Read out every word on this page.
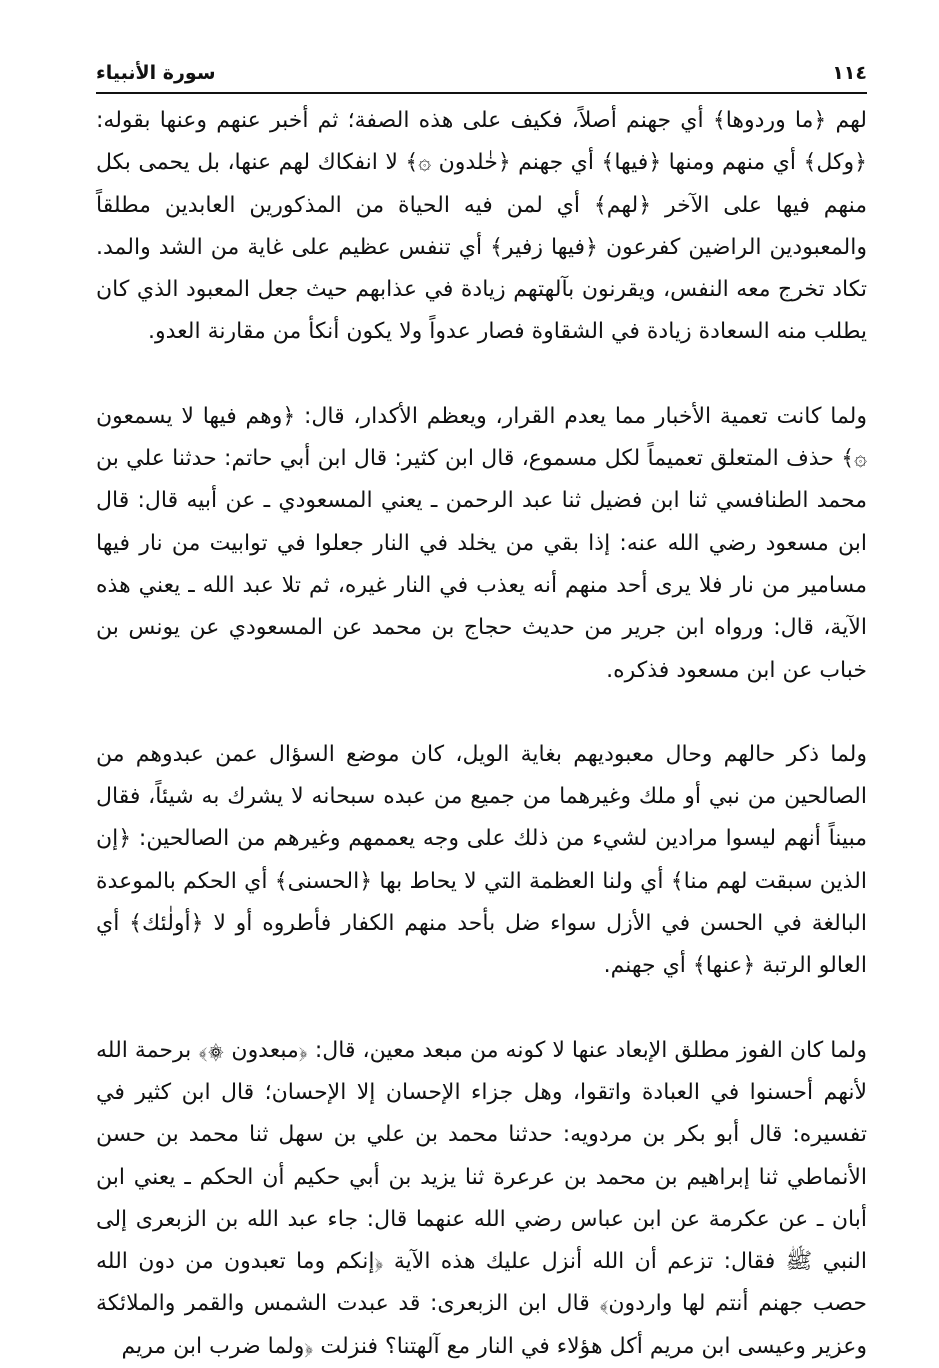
١١٤
سورة الأنبياء

لهم ﴿ما وردوها﴾ أي جهنم أصلاً، فكيف على هذه الصفة؛ ثم أخبر عنهم وعنها بقوله: ﴿وكل﴾ أي منهم ومنها ﴿فيها﴾ أي جهنم ﴿خٰلدون ۞﴾ لا انفكاك لهم عنها، بل يحمى بكل منهم فيها على الآخر ﴿لهم﴾ أي لمن فيه الحياة من المذكورين العابدين مطلقاً والمعبودين الراضين كفرعون ﴿فيها زفير﴾ أي تنفس عظيم على غاية من الشد والمد. تكاد تخرج معه النفس، ويقرنون بآلهتهم زيادة في عذابهم حيث جعل المعبود الذي كان يطلب منه السعادة زيادة في الشقاوة فصار عدواً ولا يكون أنكأ من مقارنة العدو.

ولما كانت تعمية الأخبار مما يعدم القرار، ويعظم الأكدار، قال: ﴿وهم فيها لا يسمعون ۞﴾ حذف المتعلق تعميماً لكل مسموع، قال ابن كثير: قال ابن أبي حاتم: حدثنا علي بن محمد الطنافسي ثنا ابن فضيل ثنا عبد الرحمن ـ يعني المسعودي ـ عن أبيه قال: قال ابن مسعود رضي الله عنه: إذا بقي من يخلد في النار جعلوا في توابيت من نار فيها مسامير من نار فلا يرى أحد منهم أنه يعذب في النار غيره، ثم تلا عبد الله ـ يعني هذه الآية، قال: ورواه ابن جرير من حديث حجاج بن محمد عن المسعودي عن يونس بن خباب عن ابن مسعود فذكره.

ولما ذكر حالهم وحال معبوديهم بغاية الويل، كان موضع السؤال عمن عبدوهم من الصالحين من نبي أو ملك وغيرهما من جميع من عبده سبحانه لا يشرك به شيئاً، فقال مبيناً أنهم ليسوا مرادين لشيء من ذلك على وجه يعممهم وغيرهم من الصالحين: ﴿إن الذين سبقت لهم منا﴾ أي ولنا العظمة التي لا يحاط بها ﴿الحسنى﴾ أي الحكم بالموعدة البالغة في الحسن في الأزل سواء ضل بأحد منهم الكفار فأطروه أو لا ﴿أولٰئك﴾ أي العالو الرتبة ﴿عنها﴾ أي جهنم.

ولما كان الفوز مطلق الإبعاد عنها لا كونه من مبعد معين، قال: ﴿مبعدون ۞﴾ برحمة الله لأنهم أحسنوا في العبادة واتقوا، وهل جزاء الإحسان إلا الإحسان؛ قال ابن كثير في تفسيره: قال أبو بكر بن مردويه: حدثنا محمد بن علي بن سهل ثنا محمد بن حسن الأنماطي ثنا إبراهيم بن محمد بن عرعرة ثنا يزيد بن أبي حكيم أن الحكم ـ يعني ابن أبان ـ عن عكرمة عن ابن عباس رضي الله عنهما قال: جاء عبد الله بن الزبعرى إلى النبي ﷺ فقال: تزعم أن الله أنزل عليك هذه الآية ﴿إنكم وما تعبدون من دون الله حصب جهنم أنتم لها واردون﴾ قال ابن الزبعرى: قد عبدت الشمس والقمر والملائكة وعزير وعيسى ابن مريم أكل هؤلاء في النار مع آلهتنا؟ فنزلت ﴿ولما ضرب ابن مريم
